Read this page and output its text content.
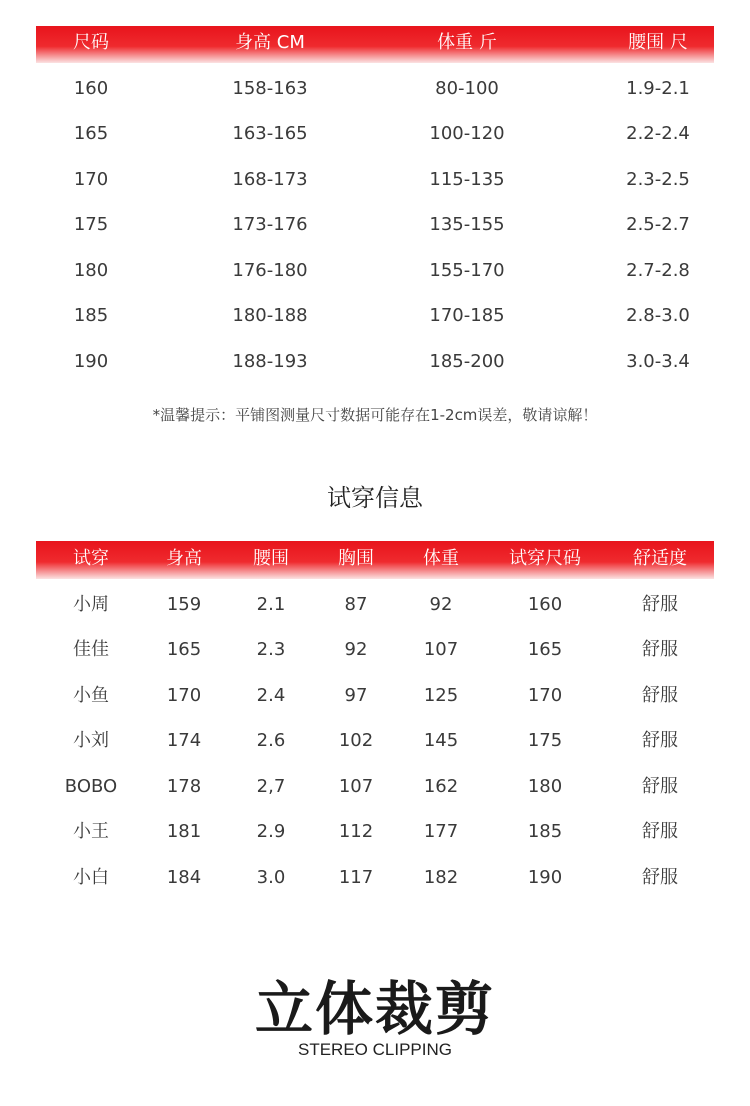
尺码	身高 CM	体重 斤	腰围 尺
160	158-163	80-100	1.9-2.1
165	163-165	100-120	2.2-2.4
170	168-173	115-135	2.3-2.5
175	173-176	135-155	2.5-2.7
180	176-180	155-170	2.7-2.8
185	180-188	170-185	2.8-3.0
190	188-193	185-200	3.0-3.4
*温馨提示：平铺图测量尺寸数据可能存在1-2cm误差，敬请谅解！
试穿信息
试穿	身高	腰围	胸围	体重	试穿尺码	舒适度
小周	159	2.1	87	92	160	舒服
佳佳	165	2.3	92	107	165	舒服
小鱼	170	2.4	97	125	170	舒服
小刘	174	2.6	102	145	175	舒服
BOBO	178	2,7	107	162	180	舒服
小王	181	2.9	112	177	185	舒服
小白	184	3.0	117	182	190	舒服
立体裁剪
STEREO CLIPPING
